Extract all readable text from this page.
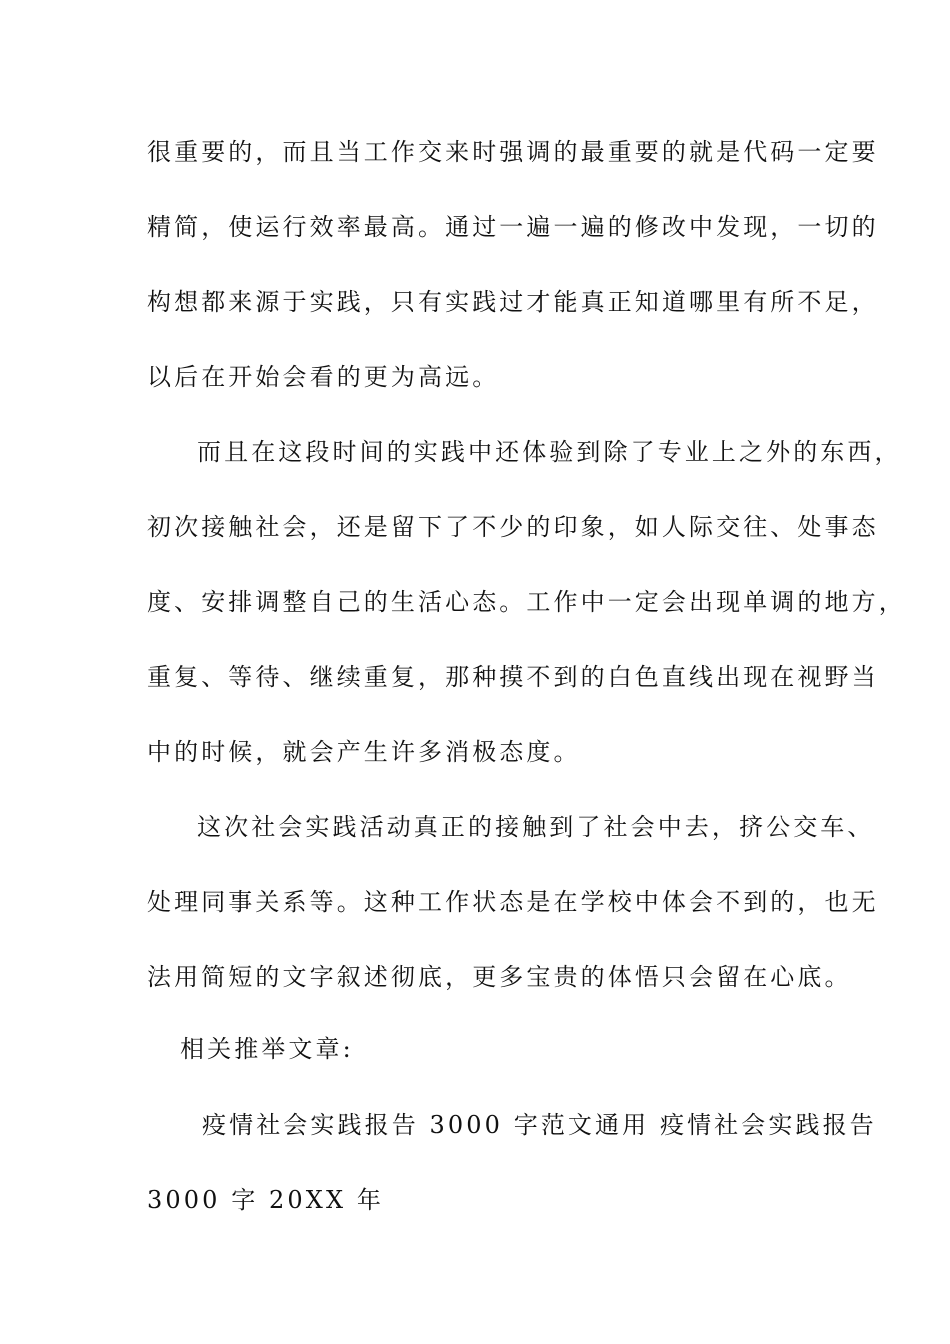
很重要的，而且当工作交来时强调的最重要的就是代码一定要
精简，使运行效率最高。通过一遍一遍的修改中发现，一切的
构想都来源于实践，只有实践过才能真正知道哪里有所不足，
以后在开始会看的更为高远。
而且在这段时间的实践中还体验到除了专业上之外的东西，
初次接触社会，还是留下了不少的印象，如人际交往、处事态
度、安排调整自己的生活心态。工作中一定会出现单调的地方，
重复、等待、继续重复，那种摸不到的白色直线出现在视野当
中的时候，就会产生许多消极态度。
这次社会实践活动真正的接触到了社会中去，挤公交车、
处理同事关系等。这种工作状态是在学校中体会不到的，也无
法用简短的文字叙述彻底，更多宝贵的体悟只会留在心底。
相关推举文章:
疫情社会实践报告 3000 字范文通用 疫情社会实践报告
3000 字 20XX 年
